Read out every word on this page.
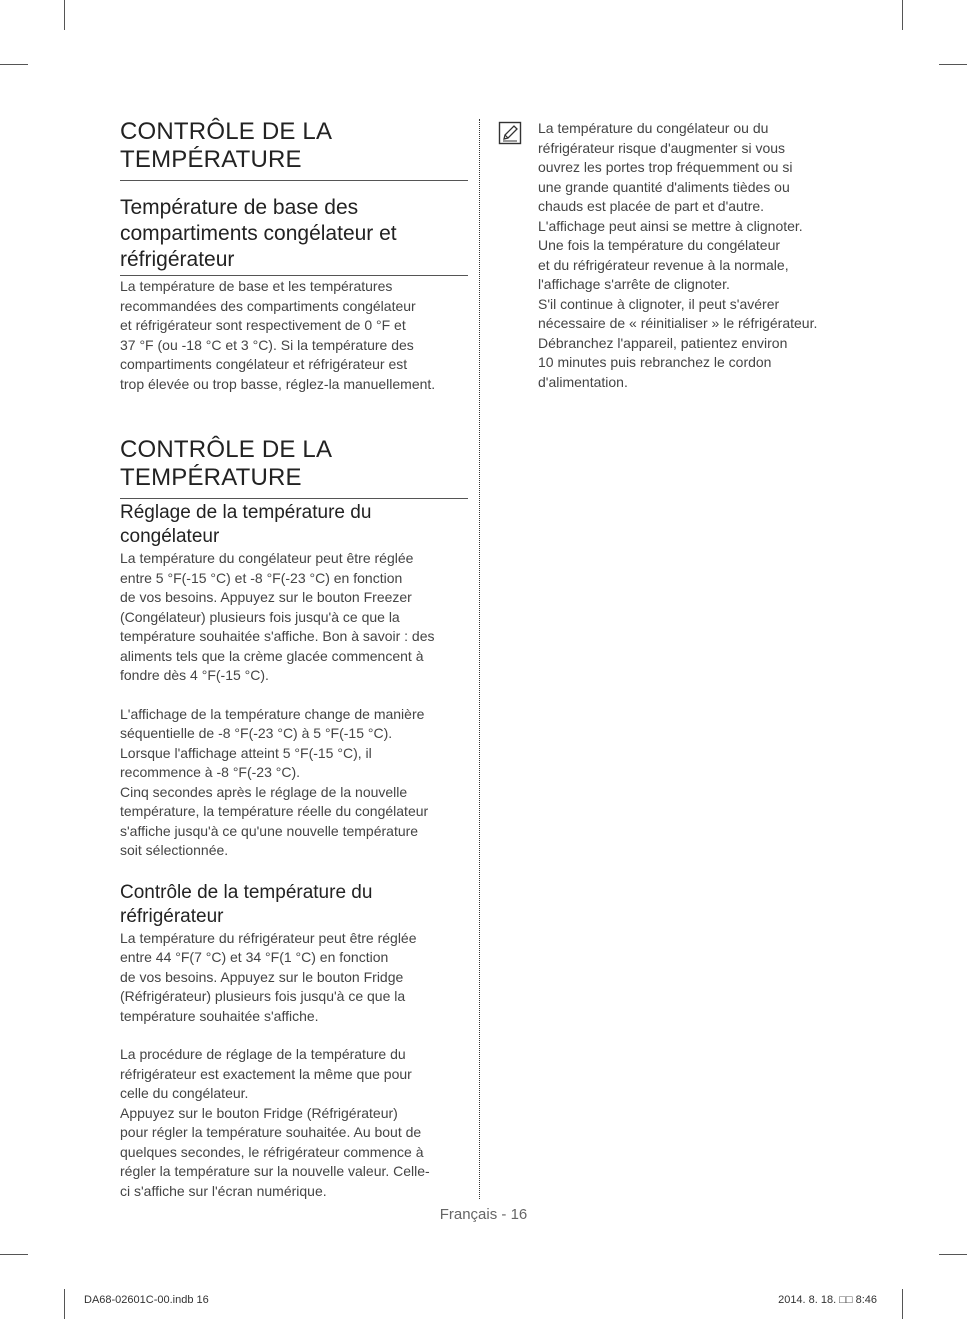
CONTRÔLE DE LA
TEMPÉRATURE
Température de base des
compartiments congélateur et
réfrigérateur

La température de base et les températures
recommandées des compartiments congélateur
et réfrigérateur sont respectivement de 0 °F et
37 °F (ou -18 °C et 3 °C). Si la température des
compartiments congélateur et réfrigérateur est
trop élevée ou trop basse, réglez-la manuellement.

CONTRÔLE DE LA
TEMPÉRATURE
Réglage de la température du
congélateur

La température du congélateur peut être réglée
entre 5 °F(-15 °C) et -8 °F(-23 °C) en fonction
de vos besoins. Appuyez sur le bouton Freezer
(Congélateur) plusieurs fois jusqu'à ce que la
température souhaitée s'affiche. Bon à savoir : des
aliments tels que la crème glacée commencent à
fondre dès 4 °F(-15 °C).

L'affichage de la température change de manière
séquentielle de -8 °F(-23 °C) à 5 °F(-15 °C).
Lorsque l'affichage atteint 5 °F(-15 °C), il
recommence à -8 °F(-23 °C).
Cinq secondes après le réglage de la nouvelle
température, la température réelle du congélateur
s'affiche jusqu'à ce qu'une nouvelle température
soit sélectionnée.

Contrôle de la température du
réfrigérateur

La température du réfrigérateur peut être réglée
entre 44 °F(7 °C) et 34 °F(1 °C) en fonction
de vos besoins. Appuyez sur le bouton Fridge
(Réfrigérateur) plusieurs fois jusqu'à ce que la
température souhaitée s'affiche.

La procédure de réglage de la température du
réfrigérateur est exactement la même que pour
celle du congélateur.
Appuyez sur le bouton Fridge (Réfrigérateur)
pour régler la température souhaitée. Au bout de
quelques secondes, le réfrigérateur commence à
régler la température sur la nouvelle valeur. Celle-
ci s'affiche sur l'écran numérique.

La température du congélateur ou du
réfrigérateur risque d'augmenter si vous
ouvrez les portes trop fréquemment ou si
une grande quantité d'aliments tièdes ou
chauds est placée de part et d'autre.
L'affichage peut ainsi se mettre à clignoter.
Une fois la température du congélateur
et du réfrigérateur revenue à la normale,
l'affichage s'arrête de clignoter.
S'il continue à clignoter, il peut s'avérer
nécessaire de « réinitialiser » le réfrigérateur.
Débranchez l'appareil, patientez environ
10 minutes puis rebranchez le cordon
d'alimentation.

Français - 16
DA68-02601C-00.indb 16	2014. 8. 18. □□ 8:46
